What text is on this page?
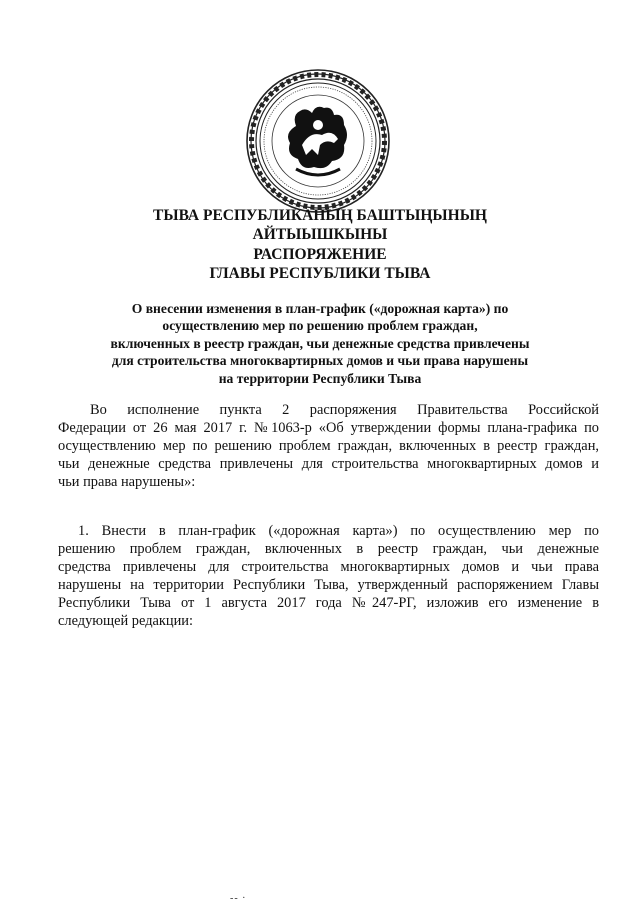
ТЫВА РЕСПУБЛИКАНЫҢ БАШТЫҢЫНЫҢ
АЙТЫЫШКЫНЫ
РАСПОРЯЖЕНИЕ
ГЛАВЫ РЕСПУБЛИКИ ТЫВА
О внесении изменения в план-график («дорожная карта») по
осуществлению мер по решению проблем граждан,
включенных в реестр граждан, чьи денежные средства привлечены
для строительства многоквартирных домов и чьи права нарушены
на территории Республики Тыва
Во исполнение пункта 2 распоряжения Правительства Российской
Федерации от 26 мая 2017 г. №1063-р «Об утверждении формы плана-графика по
осуществлению мер по решению проблем граждан, включенных в реестр граждан,
чьи денежные средства привлечены для строительства многоквартирных домов и
чьи права нарушены»:
1. Внести в план-график («дорожная карта») по осуществлению мер по
решению проблем граждан, включенных в реестр граждан, чьи денежные
средства привлечены для строительства многоквартирных домов и чьи права
нарушены на территории Республики Тыва, утвержденный распоряжением Главы
Республики Тыва от 1 августа 2017 года №247-РГ, изложив его изменение в
следующей редакции:
-- ·
